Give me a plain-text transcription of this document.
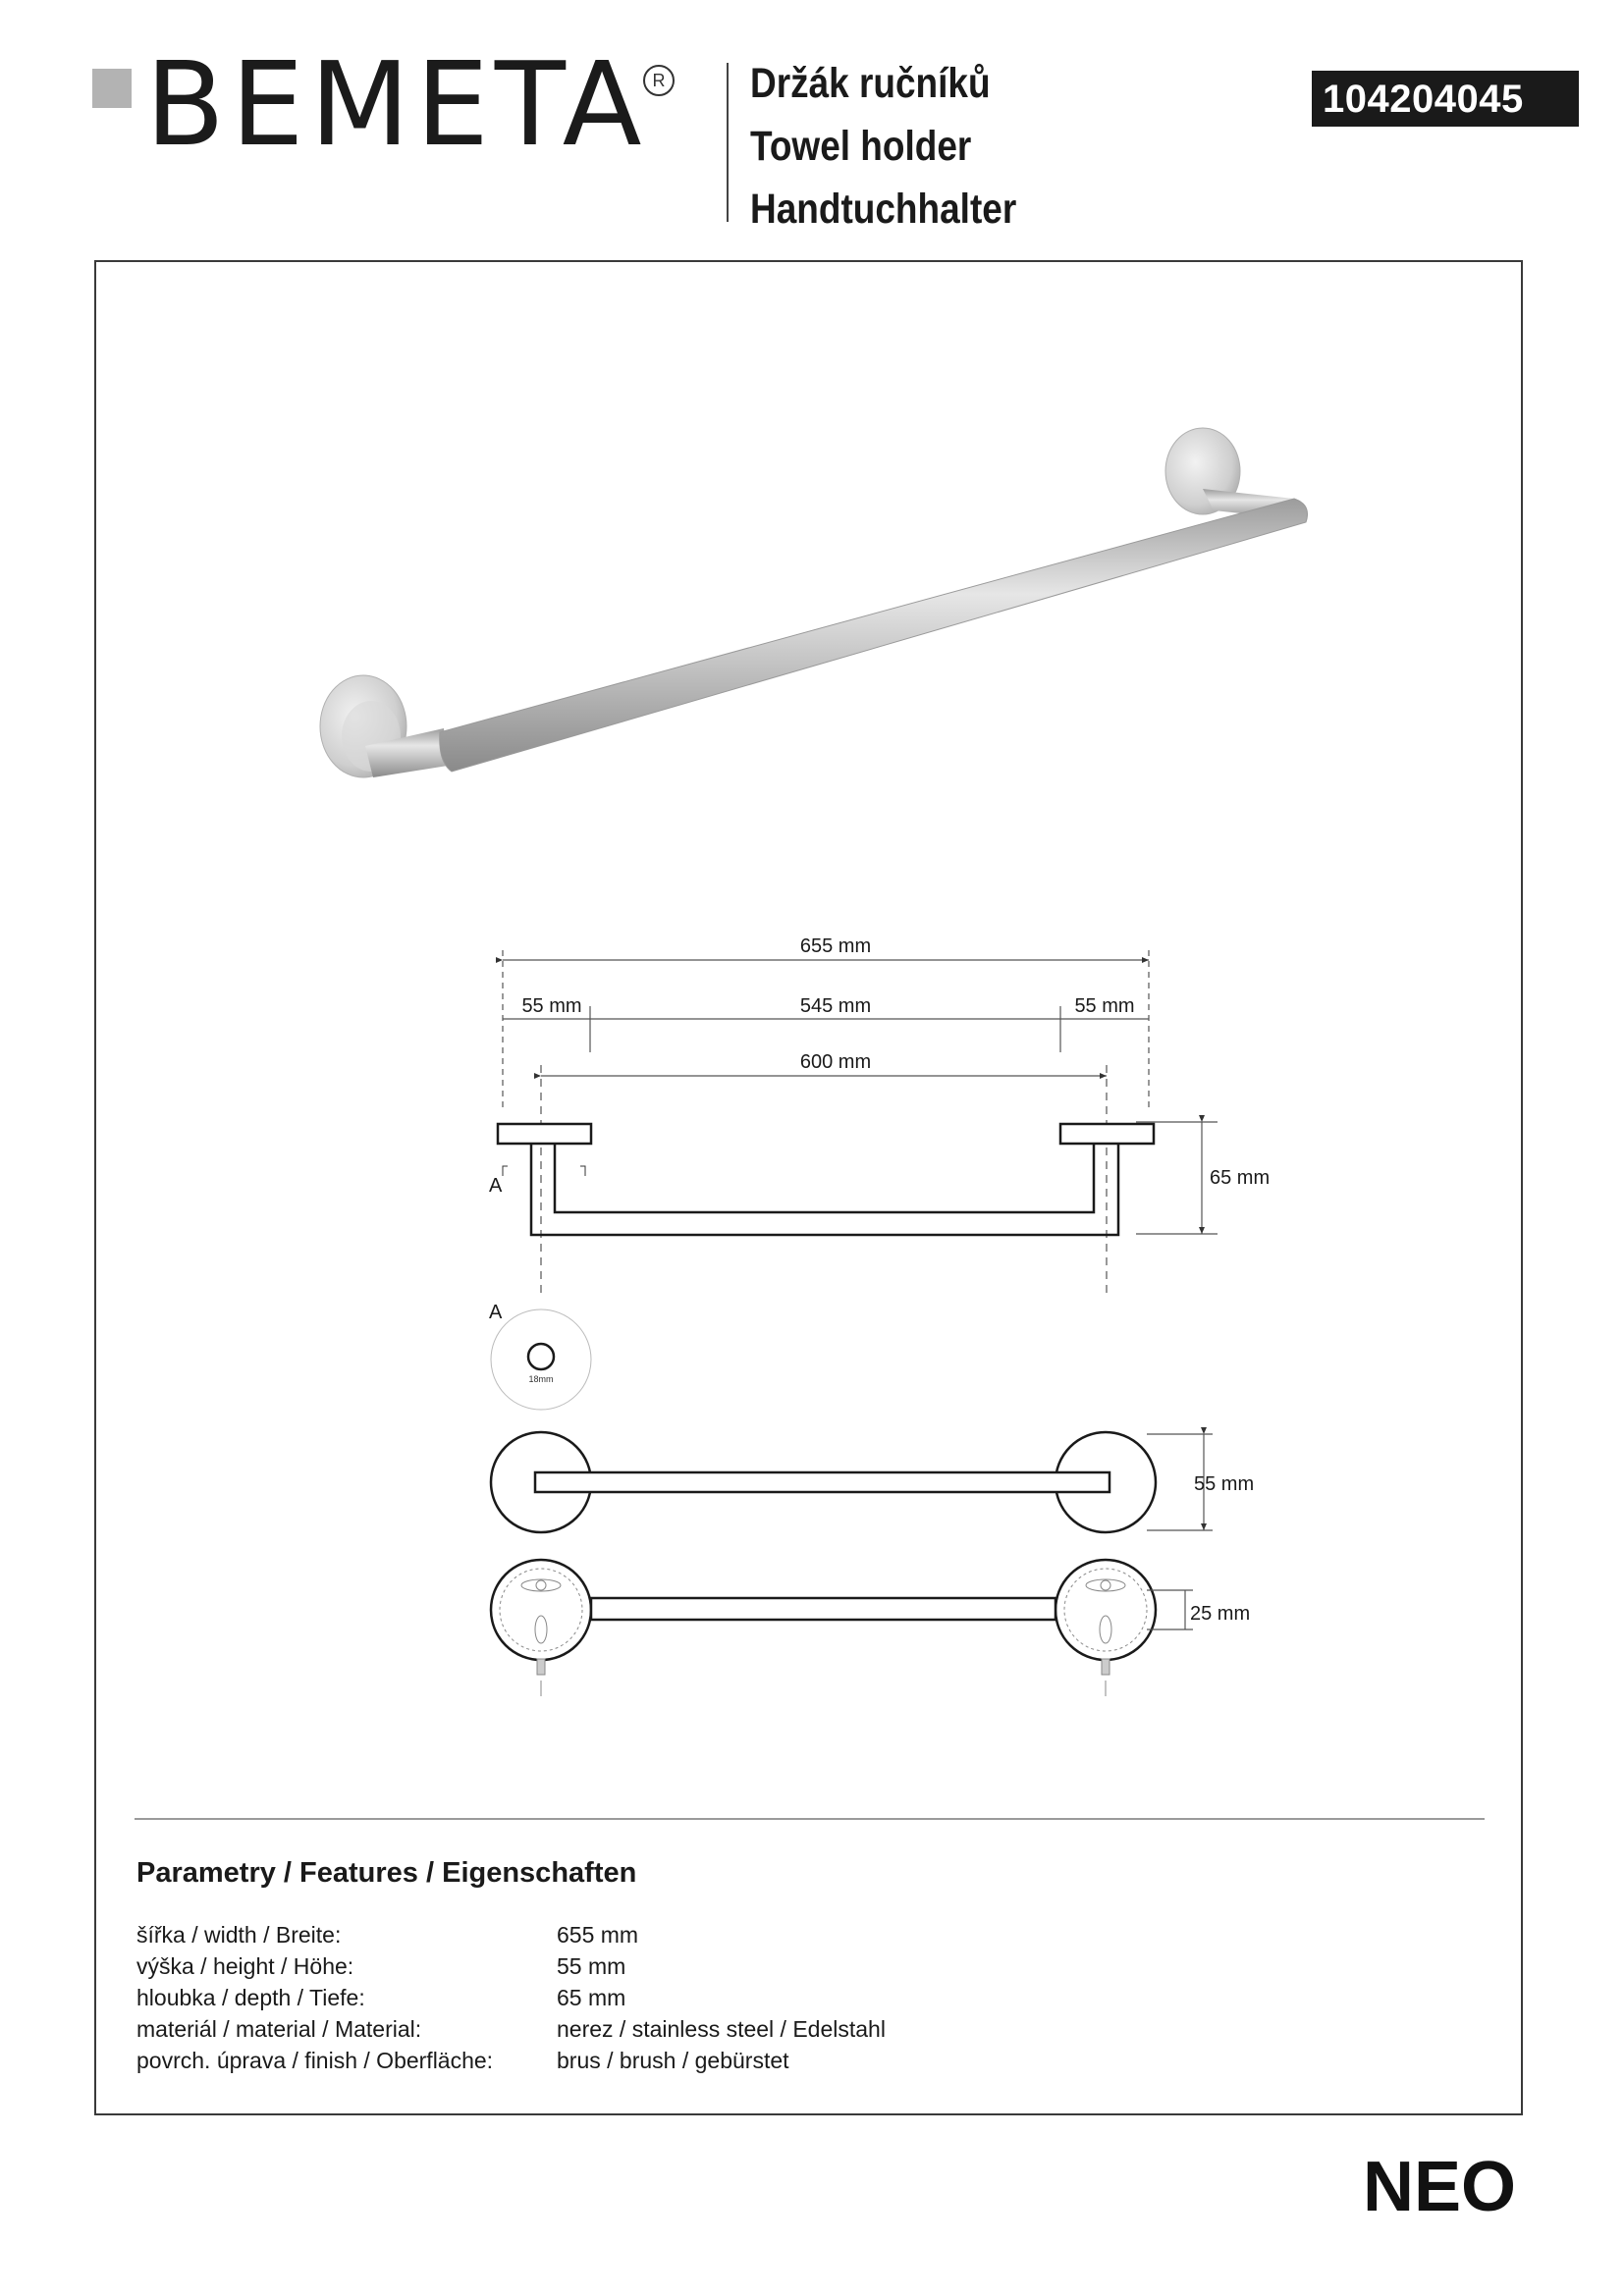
BEMETA R Držák ručníků
Towel holder
Handtuchhalter
104204045
655 mm
55 mm	545 mm	55 mm
600 mm
65 mm
A
A
18mm
55 mm
25 mm
Parametry / Features / Eigenschaften
šířka / width / Breite:	655 mm
výška / height / Höhe:	55 mm
hloubka / depth / Tiefe:	65 mm
materiál / material / Material:	nerez / stainless steel / Edelstahl
povrch. úprava / finish / Oberfläche:	brus / brush / gebürstet
NEO
